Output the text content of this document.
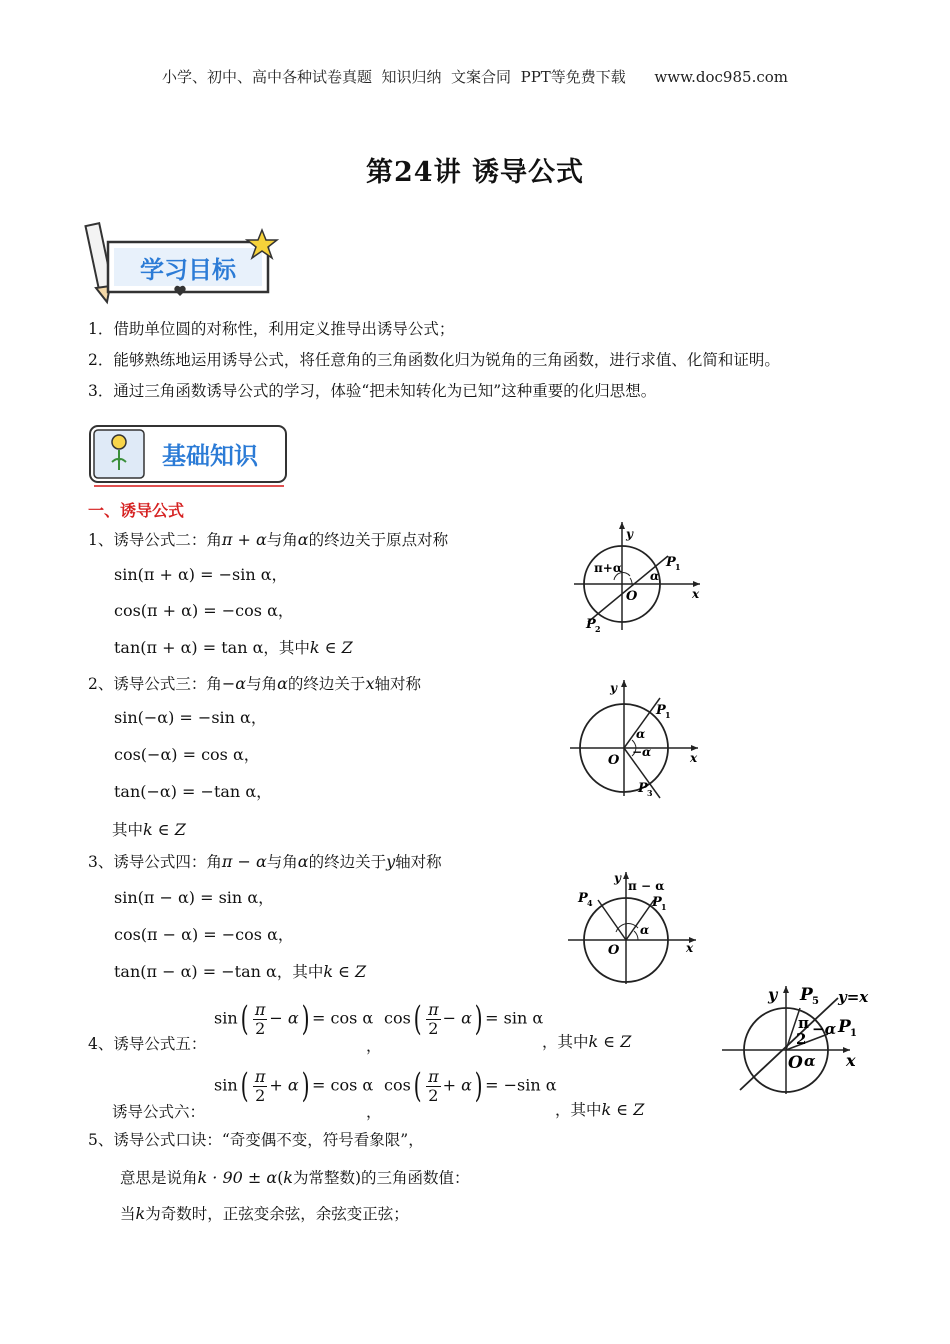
小学、初中、高中各种试卷真题  知识归纳  文案合同  PPT等免费下载      www.doc985.com
第24讲 诱导公式
学习目标
1．借助单位圆的对称性，利用定义推导出诱导公式；
2．能够熟练地运用诱导公式，将任意角的三角函数化归为锐角的三角函数，进行求值、化简和证明。
3．通过三角函数诱导公式的学习，体验“把未知转化为已知”这种重要的化归思想。
基础知识
一、诱导公式
1、诱导公式二：角π + α与角α的终边关于原点对称
sin(π + α) = −sin α，
cos(π + α) = −cos α，
tan(π + α) = tan α，其中k ∈ Z
2、诱导公式三：角−α与角α的终边关于x轴对称
sin(−α) = −sin α，
cos(−α) = cos α，
tan(−α) = −tan α，
其中k ∈ Z
3、诱导公式四：角π − α与角α的终边关于y轴对称
sin(π − α) = sin α，
cos(π − α) = −cos α，
tan(π − α) = −tan α，其中k ∈ Z
4、诱导公式五：
$\sin( \frac{\pi}{2} - \alpha) = \cos \alpha$
，
$\cos( \frac{\pi}{2} - \alpha) = \sin \alpha$
，其中k ∈ Z
诱导公式六：
$\sin( \frac{\pi}{2} + \alpha) = \cos \alpha$
，
$\cos( \frac{\pi}{2} + \alpha) = -\sin$ α
，其中k ∈ Z
5、诱导公式口诀：“奇变偶不变，符号看象限”，
意思是说角k · 90 ± α(k为常整数)的三角函数值：
当k为奇数时，正弦变余弦，余弦变正弦；
y
x
O
P 1
P 2
π+α
α
y
x
O
P 1
P 3
α
−α
y
x
O
P 1
P 4
π − α
α
y
x
O
P 5
P 1
y=x
π
2
−α
α
